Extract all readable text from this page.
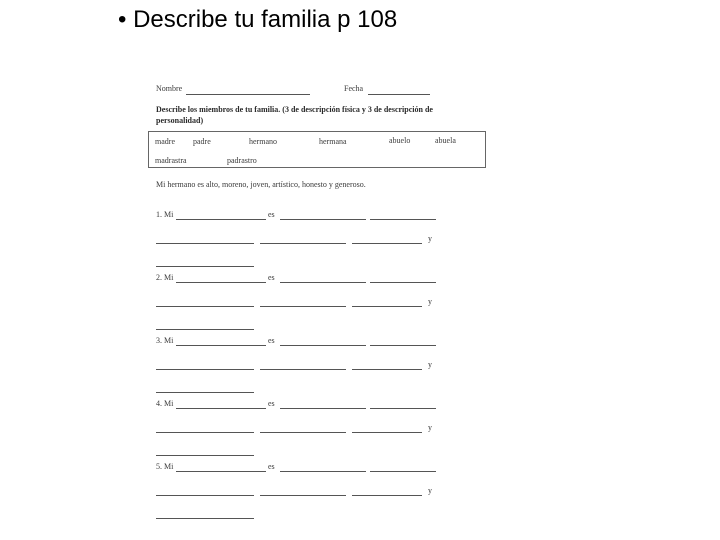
• Describe tu familia p 108
Nombre	Fecha
Describe los miembros de tu familia. (3 de descripción física y 3 de descripción de
personalidad)
madre padre	hermano	hermana	abuelo	abuela
madrastra	padrastro
Mi hermano es alto, moreno, joven, artístico, honesto y generoso.
1. Mi	es
y
2. Mi	es
y
3. Mi	es
y
4. Mi	es
y
5. Mi	es
y
